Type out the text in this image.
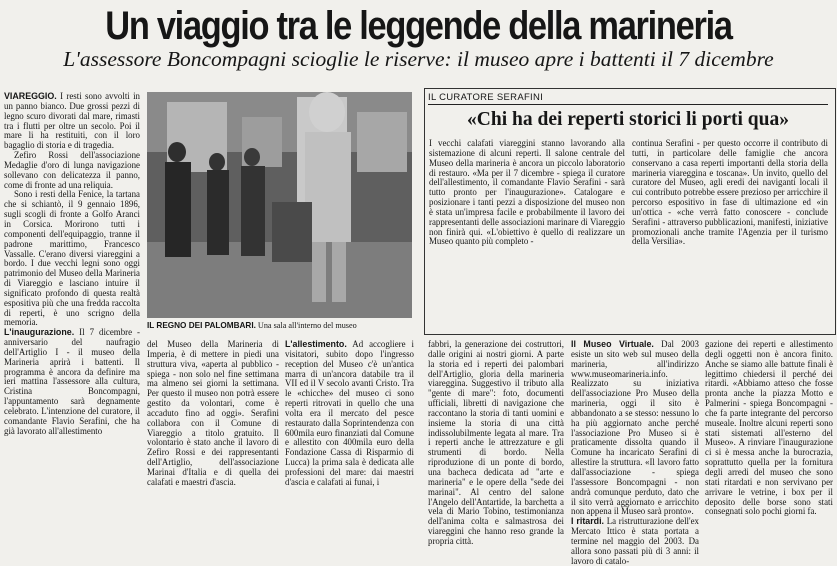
Un viaggio tra le leggende della marineria
L'assessore Boncompagni scioglie le riserve: il museo apre i battenti il 7 dicembre

VIAREGGIO. I resti sono avvolti in un panno bianco. Due grossi pezzi di legno scuro divorati dal mare, rimasti tra i flutti per oltre un secolo. Poi il mare li ha restituiti, con il loro bagaglio di storia e di tragedia.

Zefiro Rossi dell'associazione Medaglie d'oro di lunga navigazione sollevano con delicatezza il panno, come di fronte ad una reliquia.

Sono i resti della Fenice, la tartana che si schiantò, il 9 gennaio 1896, sugli scogli di fronte a Golfo Aranci in Corsica. Morirono tutti i componenti dell'equipaggio, tranne il padrone marittimo, Francesco Vassalle. C'erano diversi viareggini a bordo. I due vecchi legni sono oggi patrimonio del Museo della Marineria di Viareggio e lasciano intuire il significato profondo di questa realtà espositiva più che una fredda raccolta di reperti, è uno scrigno della memoria.

L'inaugurazione. Il 7 dicembre - anniversario del naufragio dell'Artiglio I - il museo della Marineria aprirà i battenti. Il programma è ancora da definire ma ieri mattina l'assessore alla cultura, Cristina Boncompagni, l'appuntamento sarà degnamente celebrato. L'intenzione del curatore, il comandante Flavio Serafini, che ha già lavorato all'allestimento

IL REGNO DEI PALOMBARI. Una sala all'interno del museo
IL CURATORE SERAFINI
«Chi ha dei reperti storici li porti qua»

I vecchi calafati viareggini stanno lavorando alla sistemazione di alcuni reperti. Il salone centrale del Museo della marineria è ancora un piccolo laboratorio di restauro. «Ma per il 7 dicembre - spiega il curatore dell'allestimento, il comandante Flavio Serafini - sarà tutto pronto per l'inaugurazione». Catalogare e posizionare i tanti pezzi a disposizione del museo non è stata un'impresa facile e probabilmente il lavoro dei rappresentanti delle associazioni marinare di Viareggio non finirà qui. «L'obiettivo è quello di realizzare un Museo quanto più completo -

continua Serafini - per questo occorre il contributo di tutti, in particolare delle famiglie che ancora conservano a casa reperti importanti della storia della marineria viareggina e toscana». Un invito, quello del curatore del Museo, agli eredi dei naviganti locali il cui contributo potrebbe essere prezioso per arricchire il percorso espositivo in fase di ultimazione ed «in un'ottica - «che verrà fatto conoscere - conclude Serafini - attraverso pubblicazioni, manifesti, iniziative promozionali anche tramite l'Agenzia per il turismo della Versilia».

del Museo della Marineria di Imperia, è di mettere in piedi una struttura viva, «aperta al pubblico - spiega - non solo nel fine settimana ma almeno sei giorni la settimana. Per questo il museo non potrà essere gestito da volontari, come è accaduto fino ad oggi». Serafini collabora con il Comune di Viareggio a titolo gratuito. Il volontario è stato anche il lavoro di Zefiro Rossi e dei rappresentanti dell'Artiglio, dell'associazione Marinai d'Italia e di quella dei calafati e maestri d'ascia.

L'allestimento. Ad accogliere i visitatori, subito dopo l'ingresso reception del Museo c'è un'antica marra di un'ancora databile tra il VII ed il V secolo avanti Cristo. Tra le «chicche» del museo ci sono reperti ritrovati in quello che una volta era il mercato del pesce restaurato dalla Soprintendenza con 600mila euro finanziati dal Comune e allestito con 400mila euro della Fondazione Cassa di Risparmio di Lucca) la prima sala è dedicata alle professioni del mare: dai maestri d'ascia e calafati ai funai, i

fabbri, la generazione dei costruttori, dalle origini ai nostri giorni. A parte la storia ed i reperti dei palombari dell'Artiglio, gloria della marineria viareggina. Suggestivo il tributo alla "gente di mare": foto, documenti ufficiali, libretti di navigazione che raccontano la storia di tanti uomini e insieme la storia di una città indissolubilmente legata al mare. Tra i reperti anche le attrezzature e gli strumenti di bordo. Nella riproduzione di un ponte di bordo, una bacheca dedicata ad "arte e marineria" e le opere della "sede dei marinai". Al centro del salone l'Angelo dell'Antartide, la barchetta a vela di Mario Tobino, testimonianza dell'anima colta e salmastrosa dei viareggini che hanno reso grande la propria città.

Il Museo Virtuale. Dal 2003 esiste un sito web sul museo della marineria, all'indirizzo www.museomarineria.info. Realizzato su iniziativa dell'associazione Pro Museo della marineria, oggi il sito è abbandonato a se stesso: nessuno lo ha più aggiornato anche perché l'associazione Pro Museo si è praticamente dissolta quando il Comune ha incaricato Serafini di allestire la struttura. «Il lavoro fatto dall'associazione - spiega l'assessore Boncompagni - non andrà comunque perduto, dato che il sito verrà aggiornato e arricchito non appena il Museo sarà pronto».

I ritardi. La ristrutturazione dell'ex Mercato Ittico è stata portata a termine nel maggio del 2003. Da allora sono passati più di 3 anni: il lavoro di catalo-

gazione dei reperti e allestimento degli oggetti non è ancora finito. Anche se siamo alle battute finali è legittimo chiedersi il perché dei ritardi. «Abbiamo atteso che fosse pronta anche la piazza Motto e Palmerini - spiega Boncompagni - che fa parte integrante del percorso museale. Inoltre alcuni reperti sono stati sistemati all'esterno del Museo». A rinviare l'inaugurazione ci si è messa anche la burocrazia, soprattutto quella per la fornitura degli arredi del museo che sono stati ritardati e non servivano per arrivare le vetrine, i box per il deposito delle borse sono stati consegnati solo pochi giorni fa.
